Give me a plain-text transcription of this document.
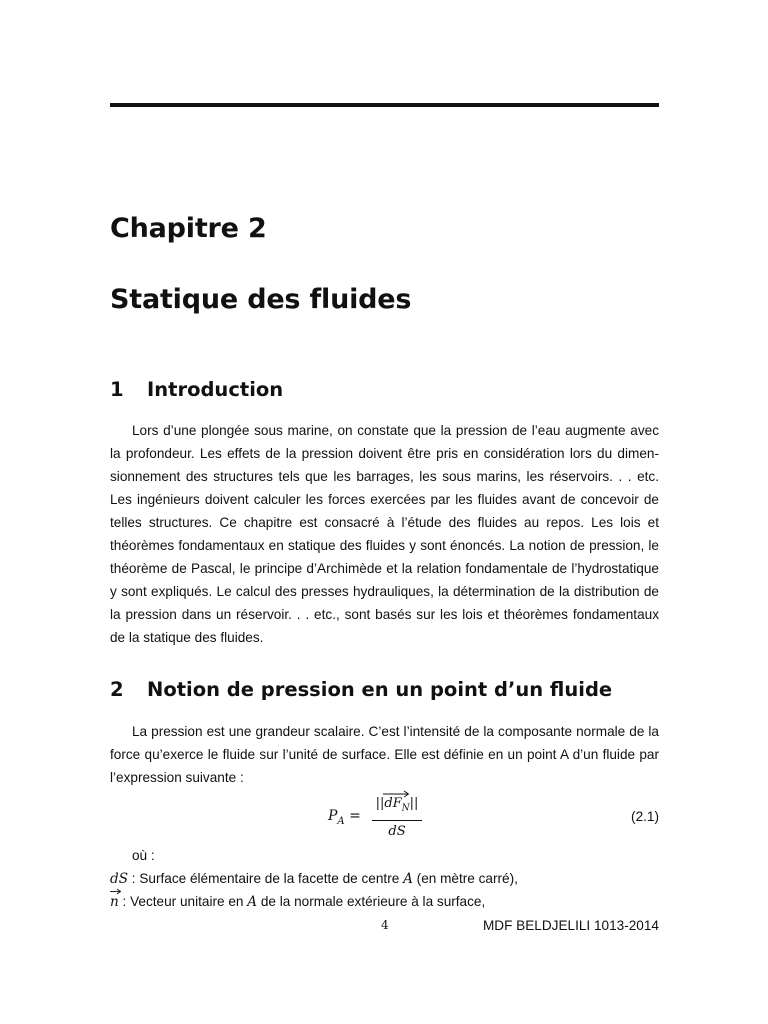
Chapitre 2
Statique des fluides
1 Introduction

Lors d’une plongée sous marine, on constate que la pression de l’eau augmente avec la profondeur. Les effets de la pression doivent être pris en considération lors du dimensionnement des structures tels que les barrages, les sous marins, les réservoirs. . . etc. Les ingénieurs doivent calculer les forces exercées par les fluides avant de concevoir de telles structures. Ce chapitre est consacré à l’étude des fluides au repos. Les lois et théorèmes fondamentaux en statique des fluides y sont énoncés. La notion de pression, le théorème de Pascal, le principe d’Archimède et la relation fondamentale de l’hydrostatique y sont expliqués. Le calcul des presses hydrauliques, la détermination de la distribution de la pression dans un réservoir. . . etc., sont basés sur les lois et théorèmes fondamentaux de la statique des fluides.

2 Notion de pression en un point d’un fluide

La pression est une grandeur scalaire. C’est l’intensité de la composante normale de la force qu’exerce le fluide sur l’unité de surface. Elle est définie en un point A d’un fluide par l’expression suivante :

$P_A$ =
$||dF_N||$
dS
(2.1)
où :
dS : Surface élémentaire de la facette de centre A (en mètre carré),
n : Vecteur unitaire en A de la normale extérieure à la surface,
4	MDF BELDJELILI 1013-2014
